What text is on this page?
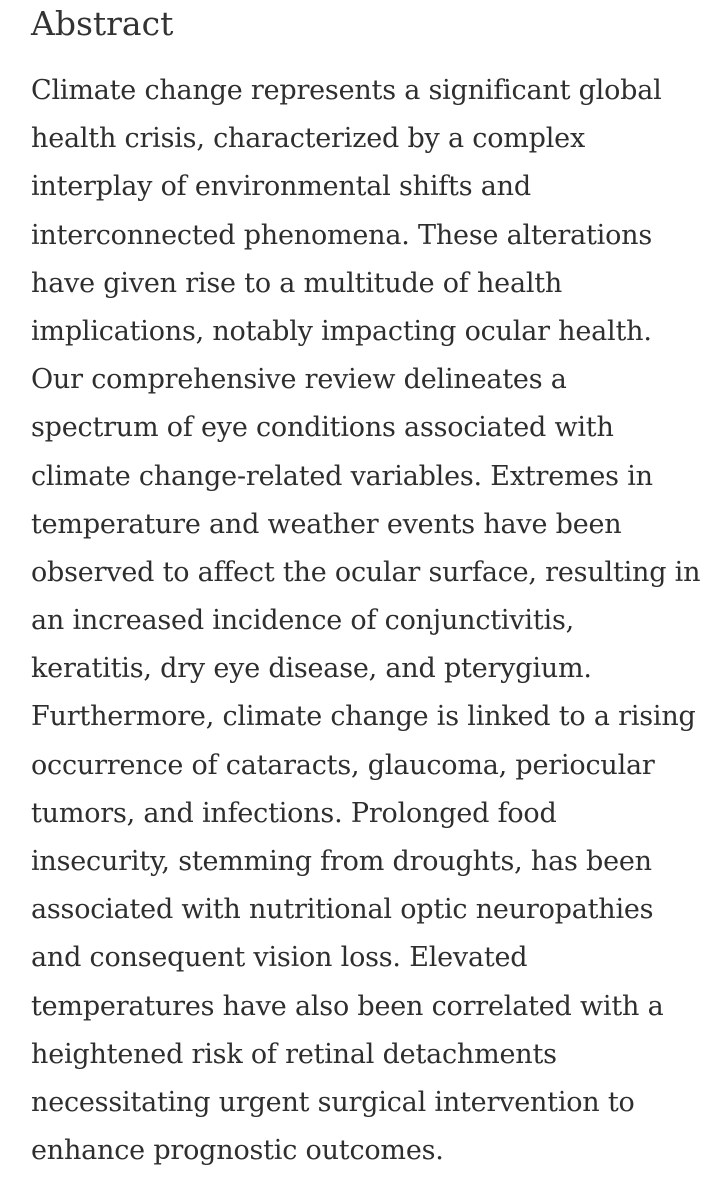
Abstract

Climate change represents a significant global
health crisis, characterized by a complex
interplay of environmental shifts and
interconnected phenomena. These alterations
have given rise to a multitude of health
implications, notably impacting ocular health.
Our comprehensive review delineates a
spectrum of eye conditions associated with
climate change-related variables. Extremes in
temperature and weather events have been
observed to affect the ocular surface, resulting in
an increased incidence of conjunctivitis,
keratitis, dry eye disease, and pterygium.
Furthermore, climate change is linked to a rising
occurrence of cataracts, glaucoma, periocular
tumors, and infections. Prolonged food
insecurity, stemming from droughts, has been
associated with nutritional optic neuropathies
and consequent vision loss. Elevated
temperatures have also been correlated with a
heightened risk of retinal detachments
necessitating urgent surgical intervention to
enhance prognostic outcomes.
